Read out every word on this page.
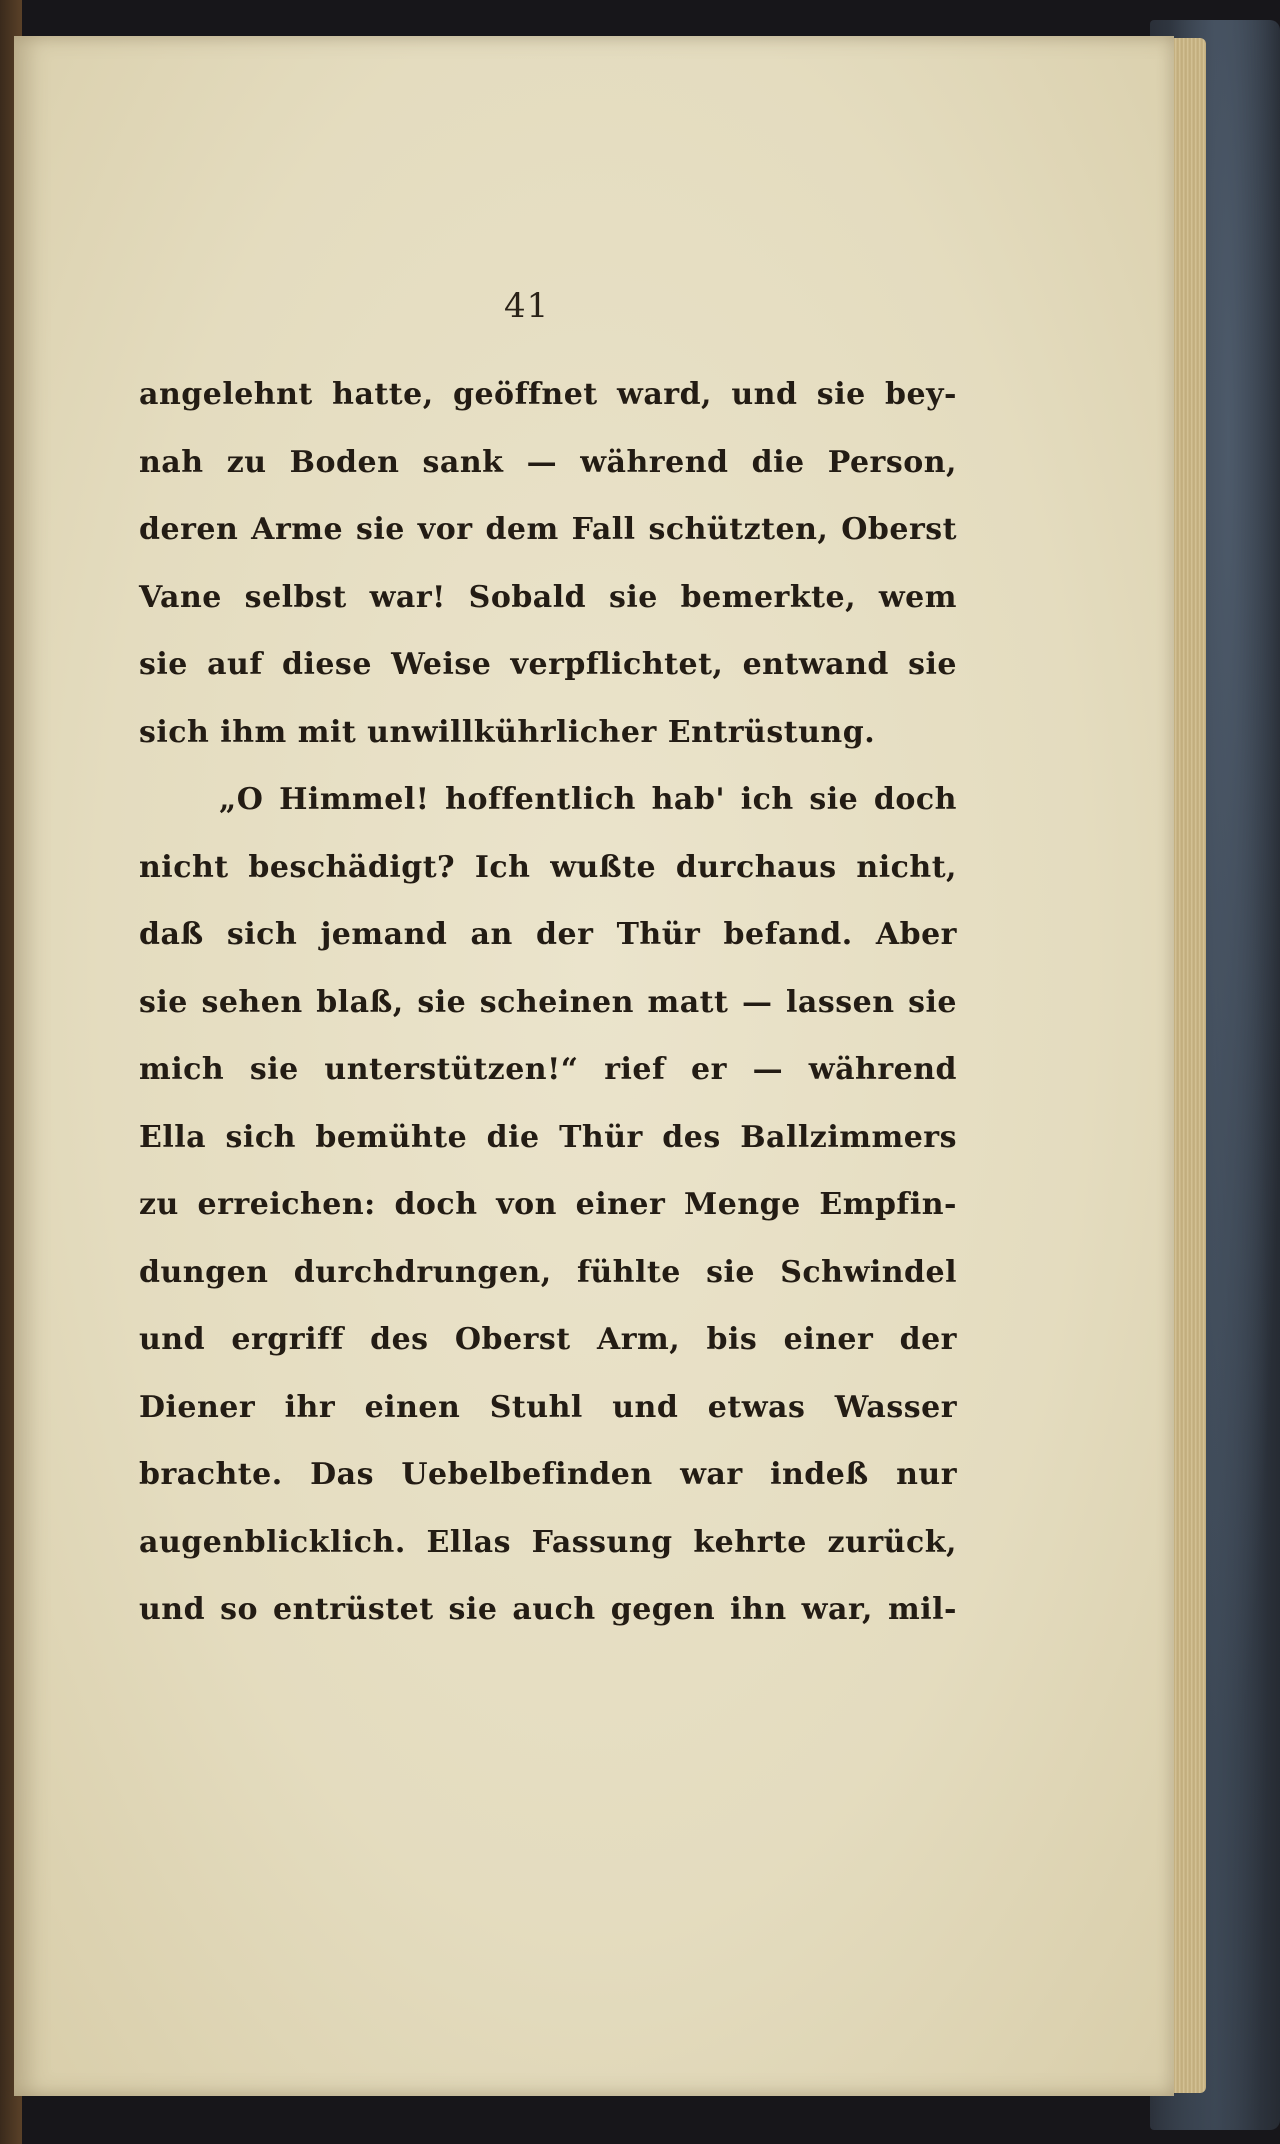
41
angelehnt hatte, geöffnet ward, und sie bey-
nah zu Boden sank — während die Person,
deren Arme sie vor dem Fall schützten, Oberst
Vane selbst war! Sobald sie bemerkte, wem
sie auf diese Weise verpflichtet, entwand sie
sich ihm mit unwillkührlicher Entrüstung.
„O Himmel! hoffentlich hab' ich sie doch
nicht beschädigt? Ich wußte durchaus nicht,
daß sich jemand an der Thür befand. Aber
sie sehen blaß, sie scheinen matt — lassen sie
mich sie unterstützen!“ rief er — während
Ella sich bemühte die Thür des Ballzimmers
zu erreichen: doch von einer Menge Empfin-
dungen durchdrungen, fühlte sie Schwindel
und ergriff des Oberst Arm, bis einer der
Diener ihr einen Stuhl und etwas Wasser
brachte. Das Uebelbefinden war indeß nur
augenblicklich. Ellas Fassung kehrte zurück,
und so entrüstet sie auch gegen ihn war, mil-
